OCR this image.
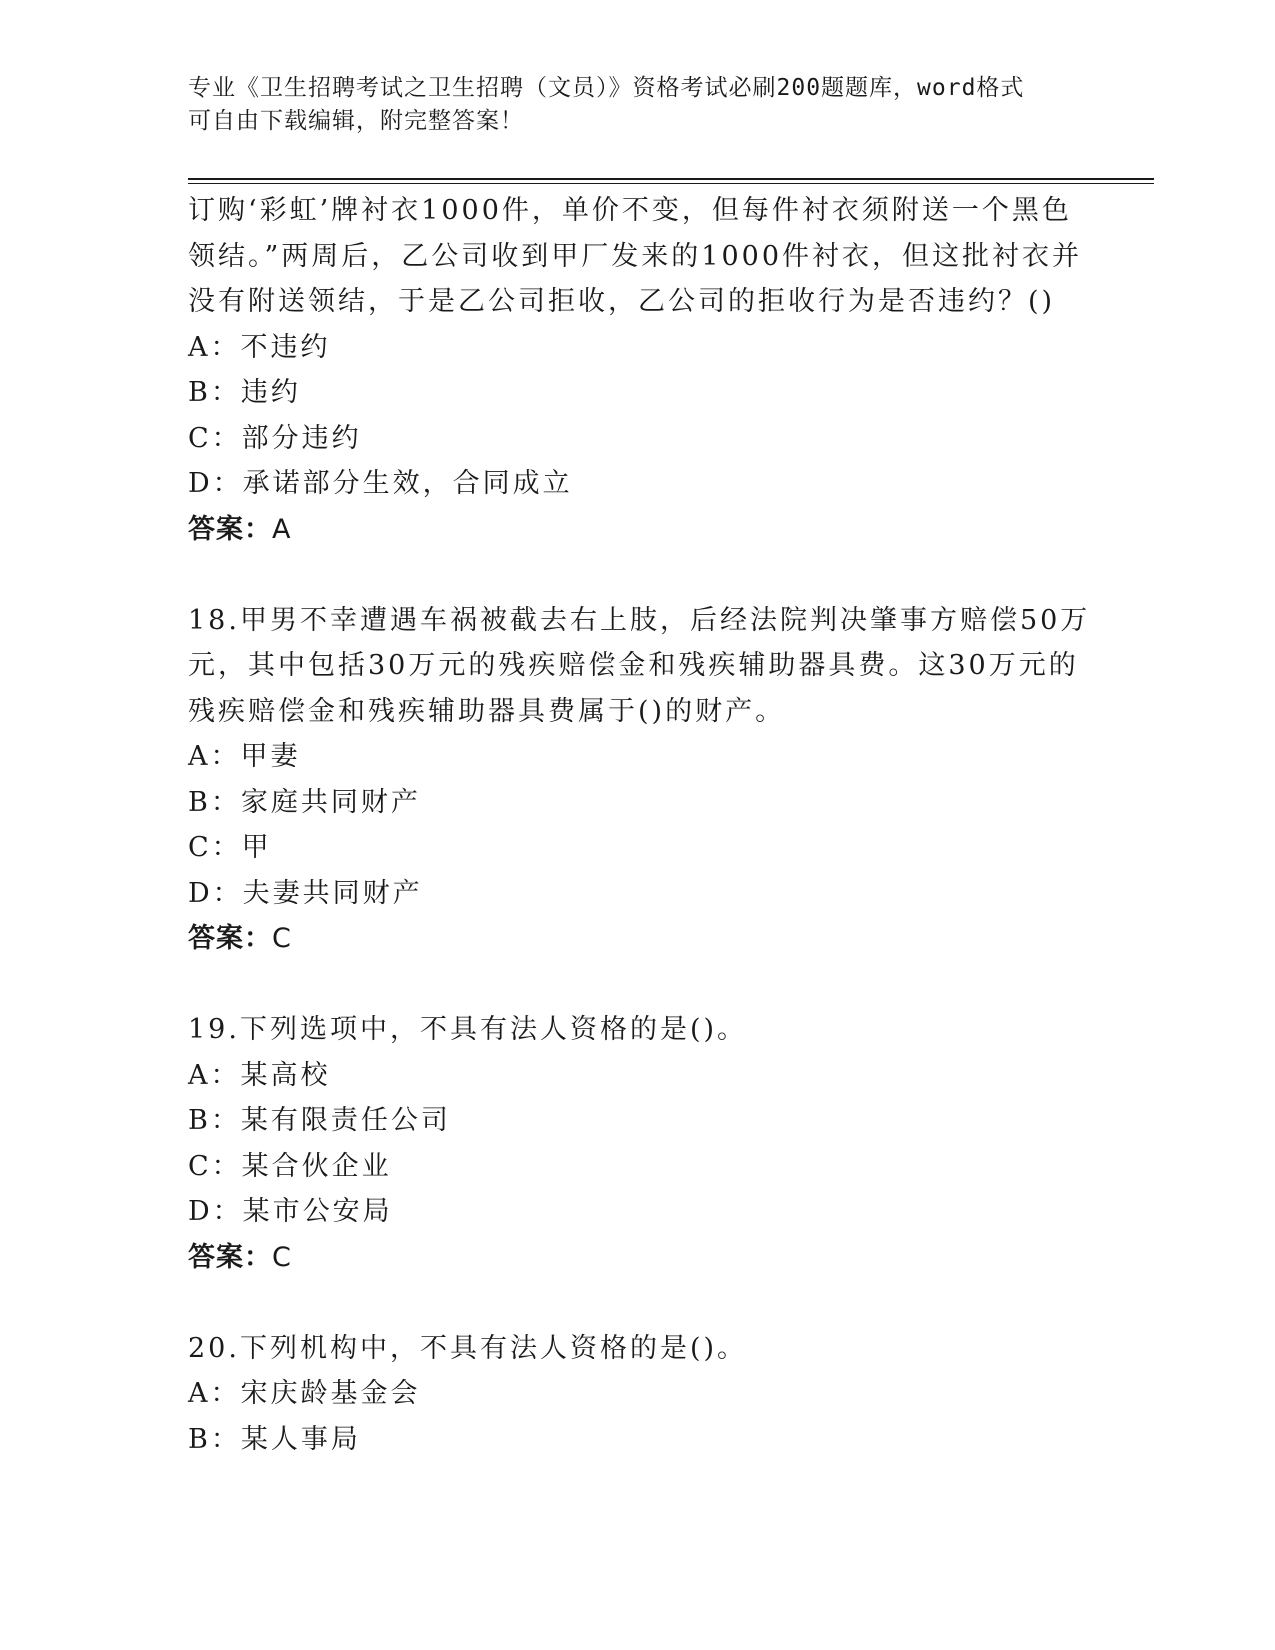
专业《卫生招聘考试之卫生招聘（文员）》资格考试必刷200题题库，word格式
可自由下载编辑，附完整答案！
订购‘彩虹’牌衬衣1000件，单价不变，但每件衬衣须附送一个黑色
领结。”两周后，乙公司收到甲厂发来的1000件衬衣，但这批衬衣并
没有附送领结，于是乙公司拒收，乙公司的拒收行为是否违约？()
A：不违约
B：违约
C：部分违约
D：承诺部分生效，合同成立
答案：A
18.甲男不幸遭遇车祸被截去右上肢，后经法院判决肇事方赔偿50万
元，其中包括30万元的残疾赔偿金和残疾辅助器具费。这30万元的
残疾赔偿金和残疾辅助器具费属于()的财产。
A：甲妻
B：家庭共同财产
C：甲
D：夫妻共同财产
答案：C
19.下列选项中，不具有法人资格的是()。
A：某高校
B：某有限责任公司
C：某合伙企业
D：某市公安局
答案：C
20.下列机构中，不具有法人资格的是()。
A：宋庆龄基金会
B：某人事局
